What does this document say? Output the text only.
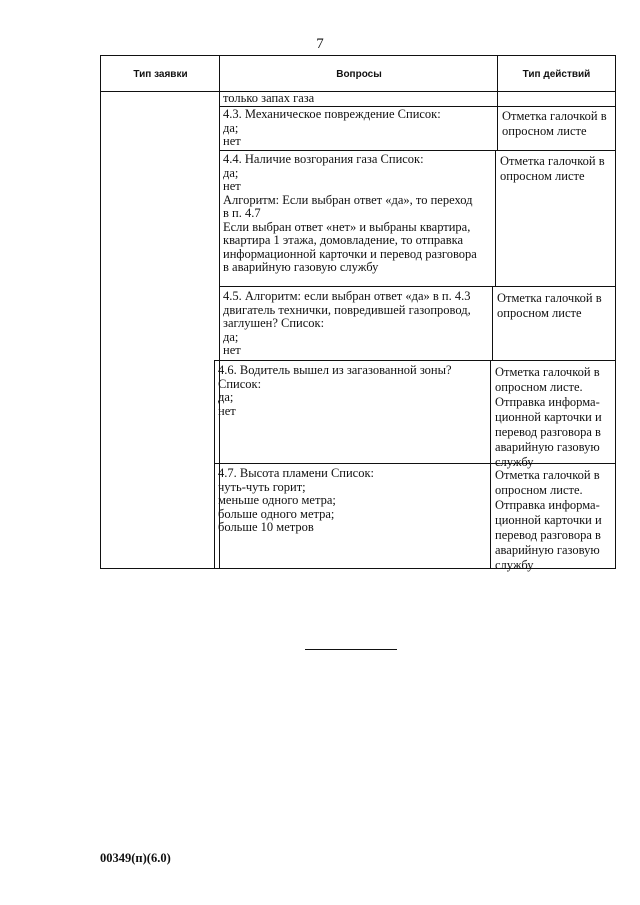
7
Тип заявки	Вопросы	Тип действий
только запах газа
4.3. Механическое повреждение Список:
да;
нет
Отметка галочкой в
опросном листе
4.4. Наличие возгорания газа Список:
да;
нет
Алгоритм: Если выбран ответ «да», то переход
в п. 4.7
Если выбран ответ «нет» и выбраны квартира,
квартира 1 этажа, домовладение, то отправка
информационной карточки и перевод разговора
в аварийную газовую службу
Отметка галочкой в
опросном листе
4.5. Алгоритм: если выбран ответ «да» в п. 4.3
двигатель технички, повредившей газопровод,
заглушен? Список:
да;
нет
Отметка галочкой в
опросном листе
4.6. Водитель вышел из загазованной зоны?
Список:
да;
нет
Отметка галочкой в
опросном листе.
Отправка информа-
ционной карточки и
перевод разговора в
аварийную газовую
службу
4.7. Высота пламени Список:
чуть-чуть горит;
меньше одного метра;
больше одного метра;
больше 10 метров
Отметка галочкой в
опросном листе.
Отправка информа-
ционной карточки и
перевод разговора в
аварийную газовую
службу
00349(п)(6.0)
